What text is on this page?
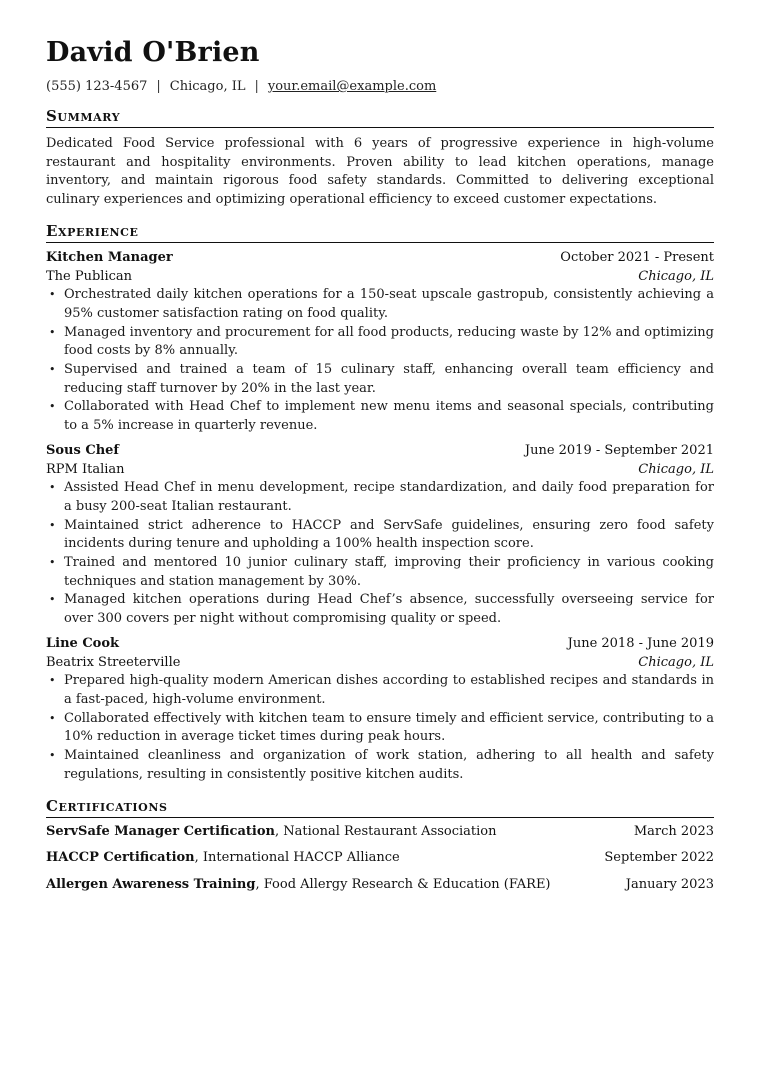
David O'Brien
(555) 123-4567 | Chicago, IL | your.email@example.com
Summary
Dedicated Food Service professional with 6 years of progressive experience in high-volume restaurant and hospitality environments. Proven ability to lead kitchen operations, manage inventory, and maintain rigorous food safety standards. Committed to delivering exceptional culinary experiences and optimizing operational efficiency to exceed customer expectations.
Experience
Kitchen Manager	October 2021 - Present
The Publican	Chicago, IL
• Orchestrated daily kitchen operations for a 150-seat upscale gastropub, consistently achieving a 95% customer satisfaction rating on food quality.
• Managed inventory and procurement for all food products, reducing waste by 12% and optimizing food costs by 8% annually.
• Supervised and trained a team of 15 culinary staff, enhancing overall team efficiency and reducing staff turnover by 20% in the last year.
• Collaborated with Head Chef to implement new menu items and seasonal specials, contributing to a 5% increase in quarterly revenue.
Sous Chef	June 2019 - September 2021
RPM Italian	Chicago, IL
• Assisted Head Chef in menu development, recipe standardization, and daily food preparation for a busy 200-seat Italian restaurant.
• Maintained strict adherence to HACCP and ServSafe guidelines, ensuring zero food safety incidents during tenure and upholding a 100% health inspection score.
• Trained and mentored 10 junior culinary staff, improving their proficiency in various cooking techniques and station management by 30%.
• Managed kitchen operations during Head Chef’s absence, successfully overseeing service for over 300 covers per night without compromising quality or speed.
Line Cook	June 2018 - June 2019
Beatrix Streeterville	Chicago, IL
• Prepared high-quality modern American dishes according to established recipes and standards in a fast-paced, high-volume environment.
• Collaborated effectively with kitchen team to ensure timely and efficient service, contributing to a 10% reduction in average ticket times during peak hours.
• Maintained cleanliness and organization of work station, adhering to all health and safety regulations, resulting in consistently positive kitchen audits.
Certifications
ServSafe Manager Certification, National Restaurant Association	March 2023
HACCP Certification, International HACCP Alliance	September 2022
Allergen Awareness Training, Food Allergy Research & Education (FARE)	January 2023
